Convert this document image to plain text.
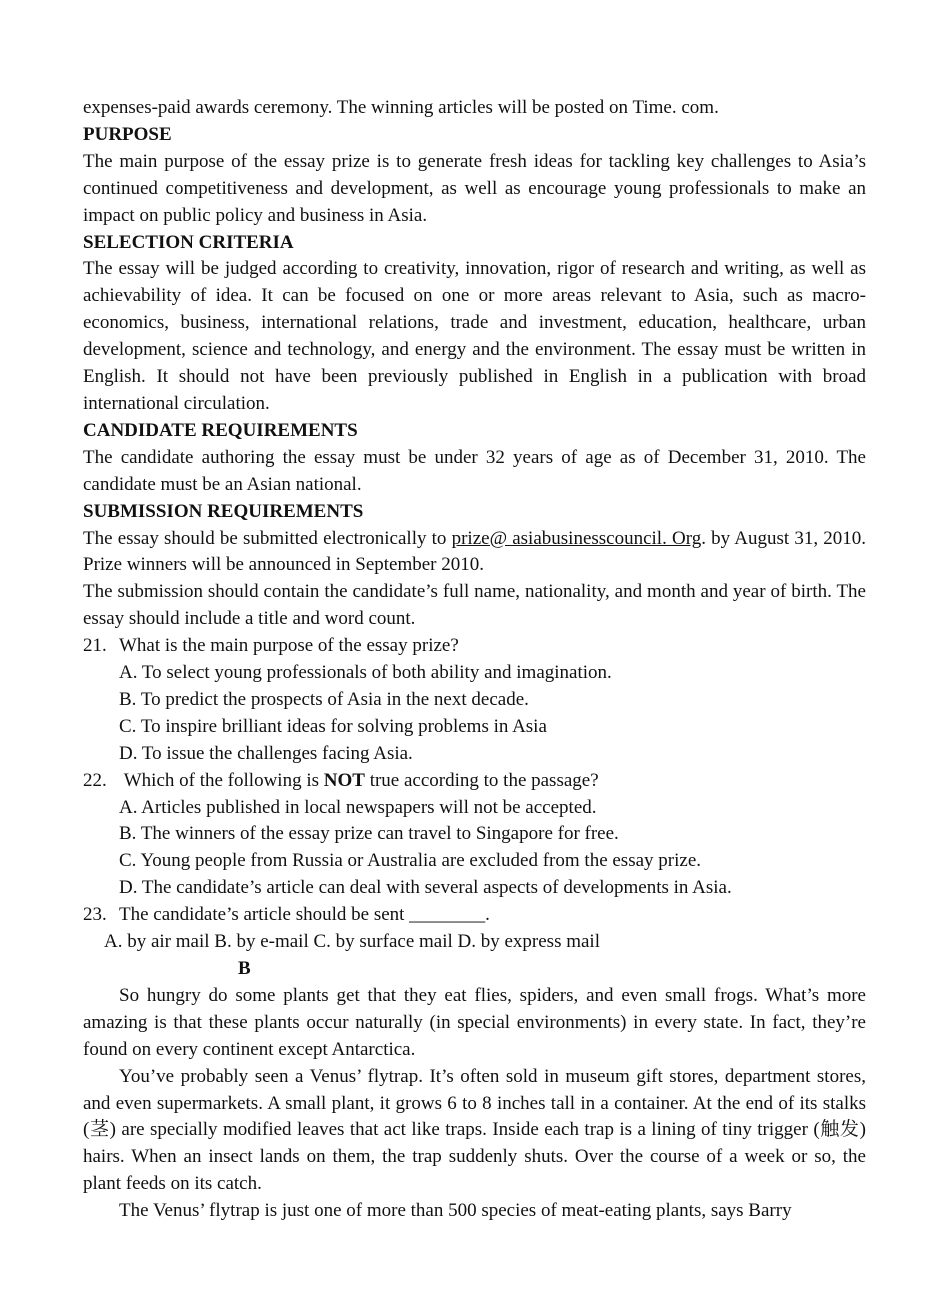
expenses-paid awards ceremony. The winning articles will be posted on Time. com.

PURPOSE

The main purpose of the essay prize is to generate fresh ideas for tackling key challenges to Asia’s continued competitiveness and development, as well as encourage young professionals to make an impact on public policy and business in Asia.

SELECTION CRITERIA

The essay will be judged according to creativity, innovation, rigor of research and writing, as well as achievability of idea. It can be focused on one or more areas relevant to Asia, such as macro-economics, business, international relations, trade and investment, education, healthcare, urban development, science and technology, and energy and the environment. The essay must be written in English. It should not have been previously published in English in a publication with broad international circulation.

CANDIDATE REQUIREMENTS

The candidate authoring the essay must be under 32 years of age as of December 31, 2010. The candidate must be an Asian national.

SUBMISSION REQUIREMENTS

The essay should be submitted electronically to prize@ asiabusinesscouncil. Org. by August 31, 2010. Prize winners will be announced in September 2010.

The submission should contain the candidate’s full name, nationality, and month and year of birth. The essay should include a title and word count.

21. What is the main purpose of the essay prize?

A. To select young professionals of both ability and imagination.

B. To predict the prospects of Asia in the next decade.

C. To inspire brilliant ideas for solving problems in Asia

D. To issue the challenges facing Asia.

22. Which of the following is NOT true according to the passage?

A. Articles published in local newspapers will not be accepted.

B. The winners of the essay prize can travel to Singapore for free.

C. Young people from Russia or Australia are excluded from the essay prize.

D. The candidate’s article can deal with several aspects of developments in Asia.

23. The candidate’s article should be sent ________.

A. by air mail B. by e-mail C. by surface mail D. by express mail

B

So hungry do some plants get that they eat flies, spiders, and even small frogs. What’s more amazing is that these plants occur naturally (in special environments) in every state. In fact, they’re found on every continent except Antarctica.

You’ve probably seen a Venus’ flytrap. It’s often sold in museum gift stores, department stores, and even supermarkets. A small plant, it grows 6 to 8 inches tall in a container. At the end of its stalks (茎) are specially modified leaves that act like traps. Inside each trap is a lining of tiny trigger (触发) hairs. When an insect lands on them, the trap suddenly shuts. Over the course of a week or so, the plant feeds on its catch.

The Venus’ flytrap is just one of more than 500 species of meat-eating plants, says Barry
